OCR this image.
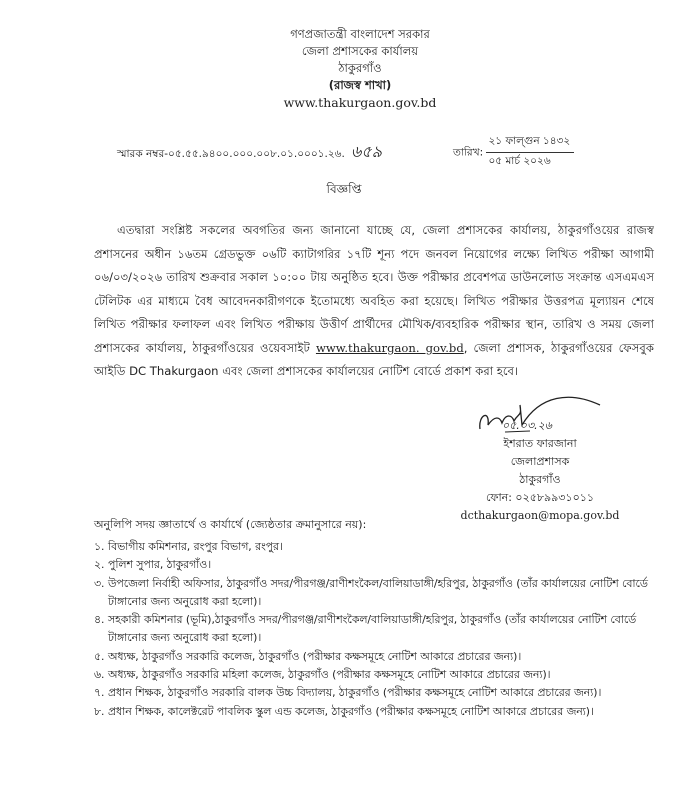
গণপ্রজাতন্ত্রী বাংলাদেশ সরকার
জেলা প্রশাসকের কার্যালয়
ঠাকুরগাঁও
(রাজস্ব শাখা)
www.thakurgaon.gov.bd
স্মারক নম্বর-০৫.৫৫.৯৪০০.০০০.০০৮.০১.০০০১.২৬. ৬৫৯	তারিখ: $\frac{\text{২১ ফাল্গুন ১৪৩২}}{\text{০৫ মার্চ ২০২৬}}$
বিজ্ঞপ্তি
এতদ্বারা সংশ্লিষ্ট সকলের অবগতির জন্য জানানো যাচ্ছে যে, জেলা প্রশাসকের কার্যালয়, ঠাকুরগাঁওয়ের রাজস্ব প্রশাসনের অধীন ১৬তম গ্রেডভুক্ত ০৬টি ক্যাটাগরির ১৭টি শূন্য পদে জনবল নিয়োগের লক্ষ্যে লিখিত পরীক্ষা আগামী ০৬/০৩/২০২৬ তারিখ শুক্রবার সকাল ১০:০০ টায় অনুষ্ঠিত হবে। উক্ত পরীক্ষার প্রবেশপত্র ডাউনলোড সংক্রান্ত এসএমএস টেলিটক এর মাধ্যমে বৈধ আবেদনকারীগণকে ইতোমধ্যে অবহিত করা হয়েছে। লিখিত পরীক্ষার উত্তরপত্র মূল্যায়ন শেষে লিখিত পরীক্ষার ফলাফল এবং লিখিত পরীক্ষায় উত্তীর্ণ প্রার্থীদের মৌখিক/ব্যবহারিক পরীক্ষার স্থান, তারিখ ও সময় জেলা প্রশাসকের কার্যালয়, ঠাকুরগাঁওয়ের ওয়েবসাইট www.thakurgaon. gov.bd, জেলা প্রশাসক, ঠাকুরগাঁওয়ের ফেসবুক আইডি DC Thakurgaon এবং জেলা প্রশাসকের কার্যালয়ের নোটিশ বোর্ডে প্রকাশ করা হবে।
০৫.০৩.২৬
ইশরাত ফারজানা
জেলাপ্রশাসক
ঠাকুরগাঁও
ফোন: ০২৫৮৯৯৩১০১১
dcthakurgaon@mopa.gov.bd
অনুলিপি সদয় জ্ঞাতার্থে ও কার্যার্থে (জ্যেষ্ঠতার ক্রমানুসারে নয়):
১. বিভাগীয় কমিশনার, রংপুর বিভাগ, রংপুর।
২. পুলিশ সুপার, ঠাকুরগাঁও।
৩. উপজেলা নির্বাহী অফিসার, ঠাকুরগাঁও সদর/পীরগঞ্জ/রাণীশংকৈল/বালিয়াডাঙ্গী/হরিপুর, ঠাকুরগাঁও (তাঁর কার্যালয়ের নোটিশ বোর্ডে টাঙ্গানোর জন্য অনুরোধ করা হলো)।
৪. সহকারী কমিশনার (ভূমি),ঠাকুরগাঁও সদর/পীরগঞ্জ/রাণীশংকৈল/বালিয়াডাঙ্গী/হরিপুর, ঠাকুরগাঁও (তাঁর কার্যালয়ের নোটিশ বোর্ডে টাঙ্গানোর জন্য অনুরোধ করা হলো)।
৫. অধ্যক্ষ, ঠাকুরগাঁও সরকারি কলেজ, ঠাকুরগাঁও (পরীক্ষার কক্ষসমূহে নোটিশ আকারে প্রচারের জন্য)।
৬. অধ্যক্ষ, ঠাকুরগাঁও সরকারি মহিলা কলেজ, ঠাকুরগাঁও (পরীক্ষার কক্ষসমূহে নোটিশ আকারে প্রচারের জন্য)।
৭. প্রধান শিক্ষক, ঠাকুরগাঁও সরকারি বালক উচ্চ বিদ্যালয়, ঠাকুরগাঁও (পরীক্ষার কক্ষসমূহে নোটিশ আকারে প্রচারের জন্য)।
৮. প্রধান শিক্ষক, কালেক্টরেট পাবলিক স্কুল এন্ড কলেজ, ঠাকুরগাঁও (পরীক্ষার কক্ষসমূহে নোটিশ আকারে প্রচারের জন্য)।
